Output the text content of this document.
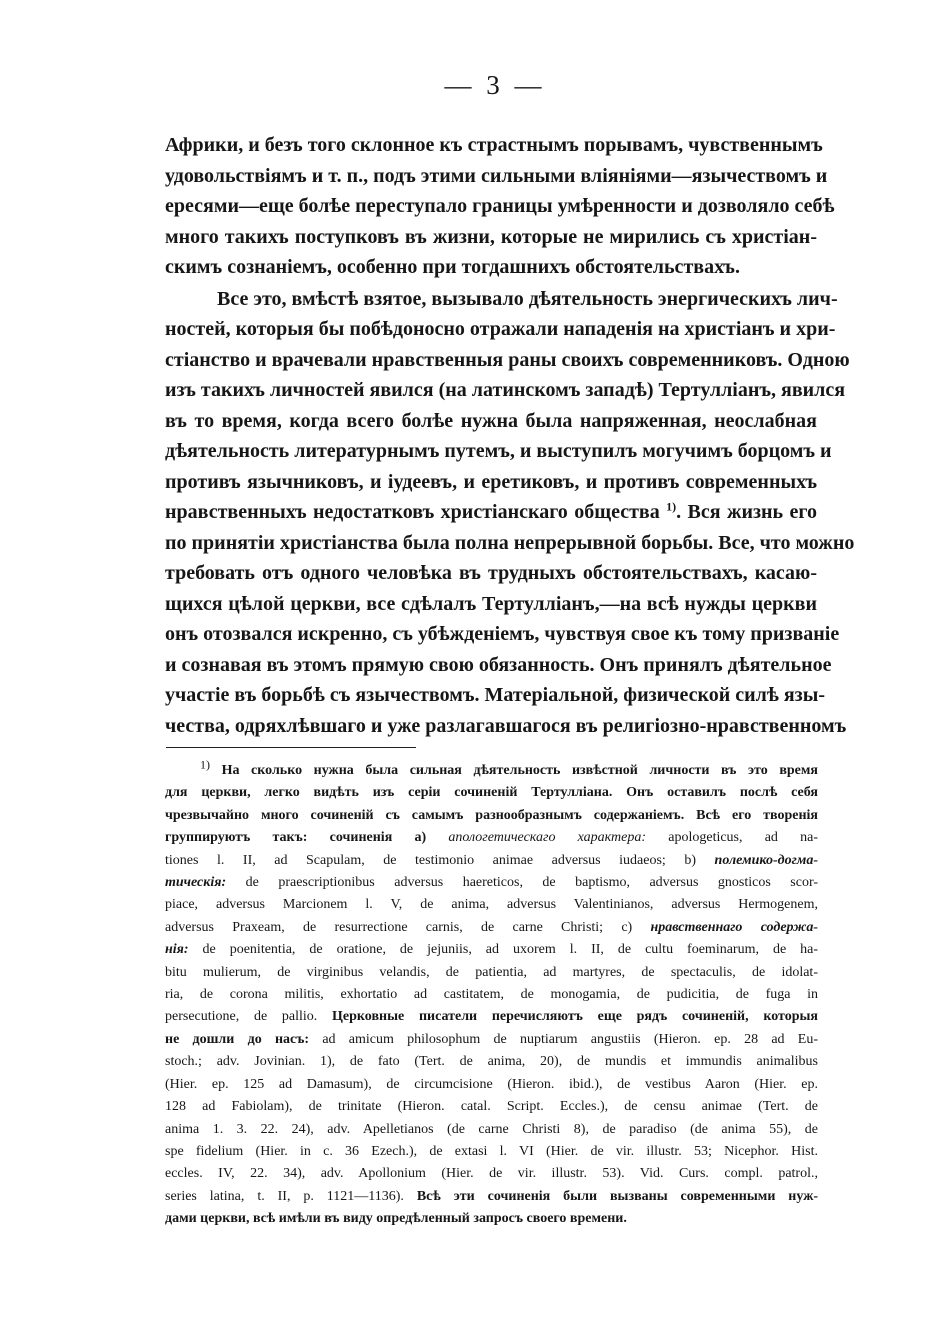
— 3 —

Африки, и безъ того склонное къ страстнымъ порывамъ, чувственнымъ
удовольствіямъ и т. п., подъ этими сильными вліяніями—язычествомъ и
ересями—еще болѣе переступало границы умѣренности и дозволяло себѣ
много такихъ поступковъ въ жизни, которые не мирились съ христіан-
скимъ сознаніемъ, особенно при тогдашнихъ обстоятельствахъ.

Все это, вмѣстѣ взятое, вызывало дѣятельность энергическихъ лич-
ностей, которыя бы побѣдоносно отражали нападенія на христіанъ и хри-
стіанство и врачевали нравственныя раны своихъ современниковъ. Одною
изъ такихъ личностей явился (на латинскомъ западѣ) Тертулліанъ, явился
въ то время, когда всего болѣе нужна была напряженная, неослабная
дѣятельность литературнымъ путемъ, и выступилъ могучимъ борцомъ и
противъ язычниковъ, и іудеевъ, и еретиковъ, и противъ современныхъ
нравственныхъ недостатковъ христіанскаго общества $^{1)}$. Вся жизнь его
по принятіи христіанства была полна непрерывной борьбы. Все, что можно
требовать отъ одного человѣка въ трудныхъ обстоятельствахъ, касаю-
щихся цѣлой церкви, все сдѣлалъ Тертулліанъ,—на всѣ нужды церкви
онъ отозвался искренно, съ убѣжденіемъ, чувствуя свое къ тому призваніе
и сознавая въ этомъ прямую свою обязанность. Онъ принялъ дѣятельное
участіе въ борьбѣ съ язычествомъ. Матеріальной, физической силѣ язы-
чества, одряхлѣвшаго и уже разлагавшагося въ религіозно-нравственномъ

1) На сколько нужна была сильная дѣятельность извѣстной личности въ это время
для церкви, легко видѣть изъ серіи сочиненій Тертулліана. Онъ оставилъ послѣ себя
чрезвычайно много сочиненій съ самымъ разнообразнымъ содержаніемъ. Всѣ его творенія
группируютъ такъ: сочиненія а) апологетическаго характера: apologeticus, ad na-
tiones l. II, ad Scapulam, de testimonio animae adversus iudaeos; b) полемико-догма-
тическія: de praescriptionibus adversus haereticos, de baptismo, adversus gnosticos scor-
piace, adversus Marcionem l. V, de anima, adversus Valentinianos, adversus Hermogenem,
adversus Praxeam, de resurrectione carnis, de carne Christi; c) нравственнаго содержа-
нія: de poenitentia, de oratione, de jejuniis, ad uxorem l. II, de cultu foeminarum, de ha-
bitu mulierum, de virginibus velandis, de patientia, ad martyres, de spectaculis, de idolat-
ria, de corona militis, exhortatio ad castitatem, de monogamia, de pudicitia, de fuga in
persecutione, de pallio. Церковные писатели перечисляютъ еще рядъ сочиненій, которыя
не дошли до насъ: ad amicum philosophum de nuptiarum angustiis (Hieron. ep. 28 ad Eu-
stoch.; adv. Jovinian. 1), de fato (Tert. de anima, 20), de mundis et immundis animalibus
(Hier. ep. 125 ad Damasum), de circumcisione (Hieron. ibid.), de vestibus Aaron (Hier. ep.
128 ad Fabiolam), de trinitate (Hieron. catal. Script. Eccles.), de censu animae (Tert. de
anima 1. 3. 22. 24), adv. Apelletianos (de carne Christi 8), de paradiso (de anima 55), de
spe fidelium (Hier. in c. 36 Ezech.), de extasi l. VI (Hier. de vir. illustr. 53; Nicephor. Hist.
eccles. IV, 22. 34), adv. Apollonium (Hier. de vir. illustr. 53). Vid. Curs. compl. patrol.,
series latina, t. II, p. 1121—1136). Всѣ эти сочиненія были вызваны современными нуж-
дами церкви, всѣ имѣли въ виду опредѣленный запросъ своего времени.
